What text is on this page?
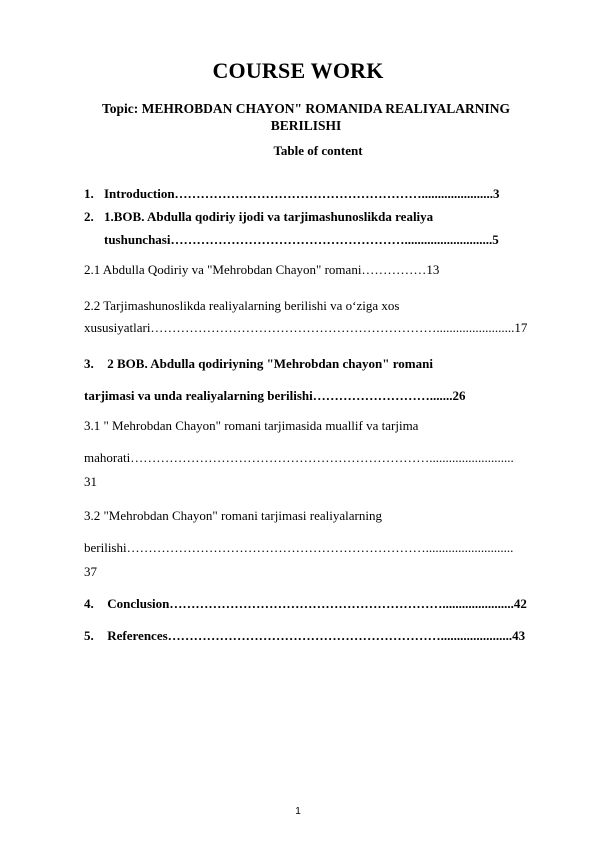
COURSE WORK
Topic: MEHROBDAN CHAYON" ROMANIDA REALIYALARNING BERILISHI
Table of content
1. Introduction…………………………………………………......................3
2. 1.BOB. Abdulla qodiriy ijodi va tarjimashunoslikda realiya
tushunchasi………………………………………………...........................5
2.1 Abdulla Qodiriy va "Mehrobdan Chayon" romani……………13
2.2 Tarjimashunoslikda realiyalarning berilishi va o‘ziga xos
xususiyatlari…………………………………………………………........................17
3. 2 BOB. Abdulla qodiriyning "Mehrobdan chayon" romani
tarjimasi va unda realiyalarning berilishi……………………….......26
3.1 " Mehrobdan Chayon" romani tarjimasida muallif va tarjima
mahorati……………………………………………………………..........................
31
3.2 "Mehrobdan Chayon" romani tarjimasi realiyalarning
berilishi……………………………………………………………...........................
37
4. Conclusion………………………………………………………......................42
5. References………………………………………………………......................43
1
